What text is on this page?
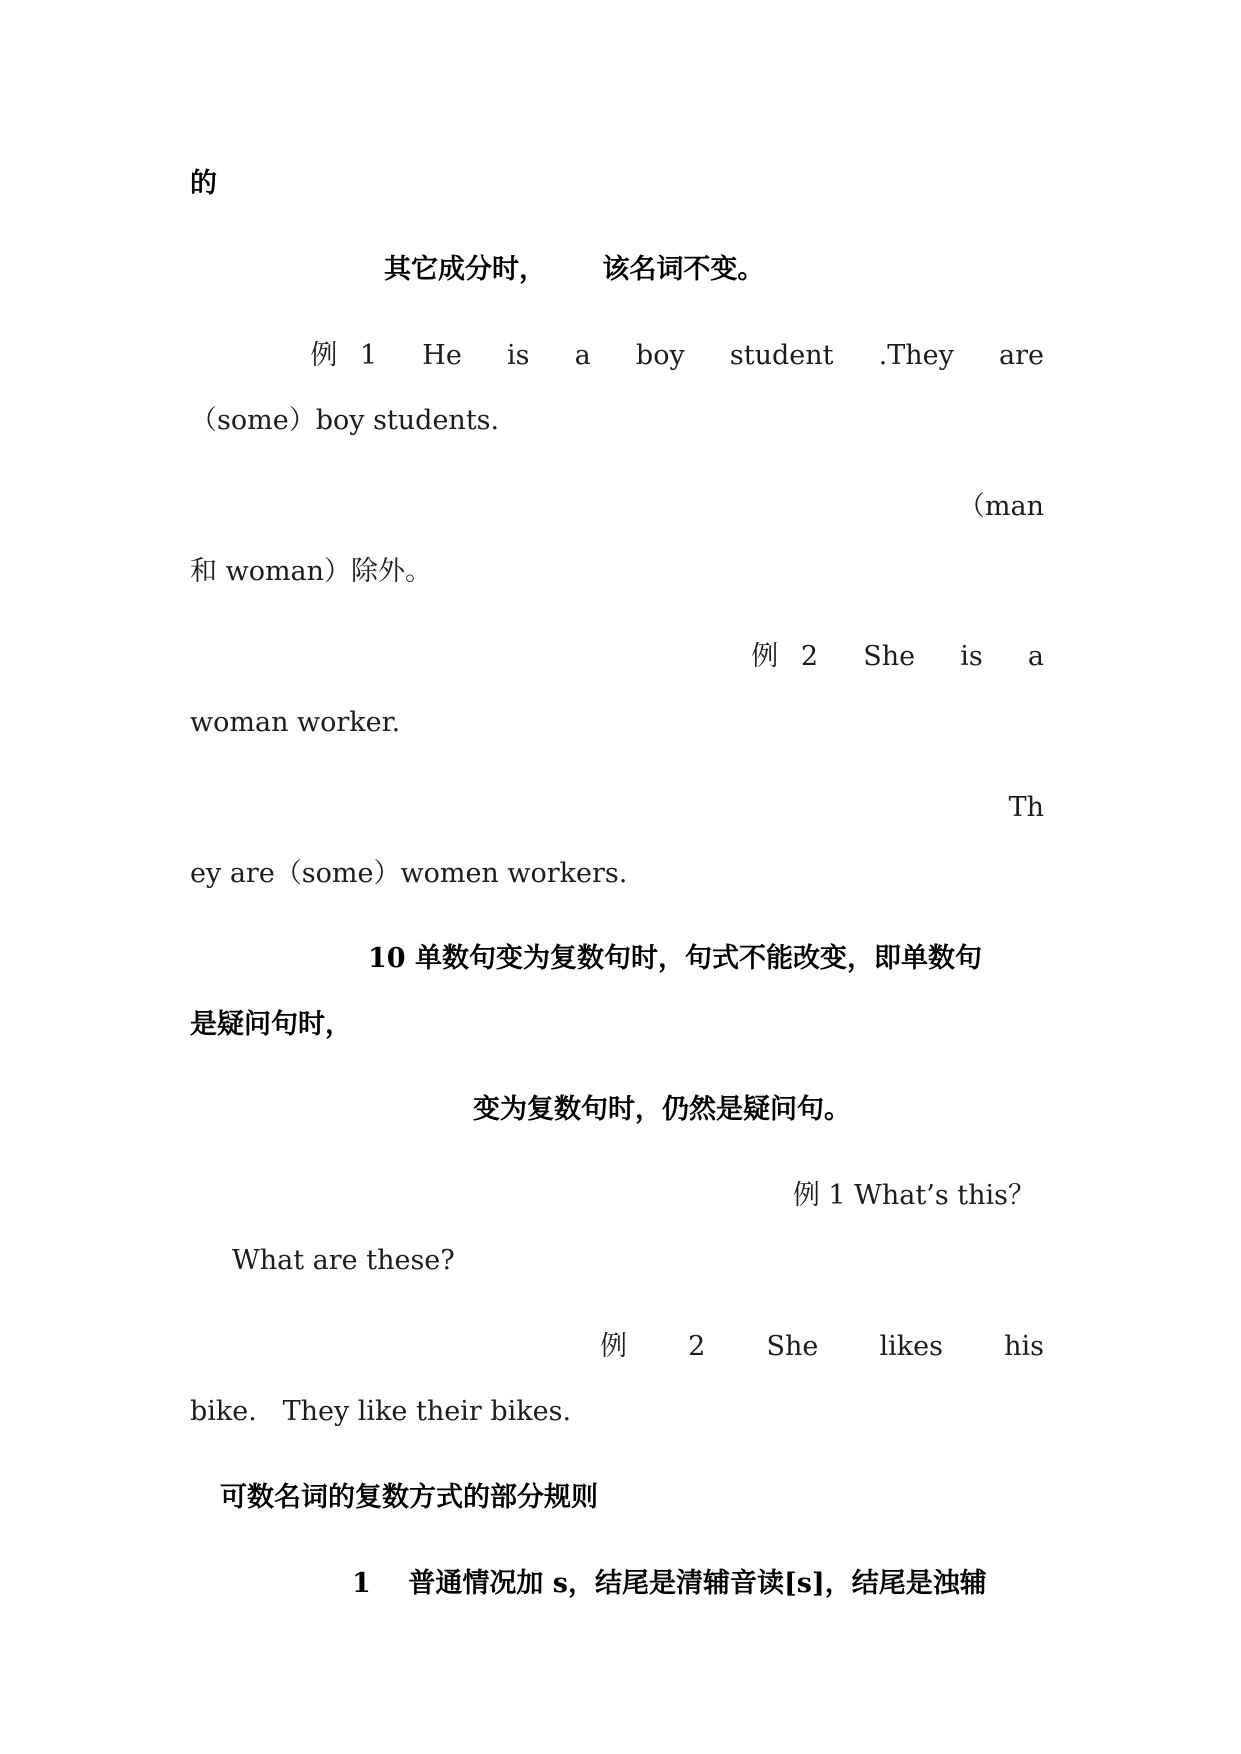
的
其它成分时，      该名词不变。
例 1  He  is  a  boy  student  .They  are
（some）boy students.
（man
和 woman）除外。
例 2  She  is  a
woman worker.
Th
ey are（some）women workers.
10 单数句变为复数句时，句式不能改变，即单数句
是疑问句时，
变为复数句时，仍然是疑问句。
例 1 What’s this？
What are these?
例  2  She  likes  his
bike.   They like their bikes.
可数名词的复数方式的部分规则
1    普通情况加 s，结尾是清辅音读[s]，结尾是浊辅
